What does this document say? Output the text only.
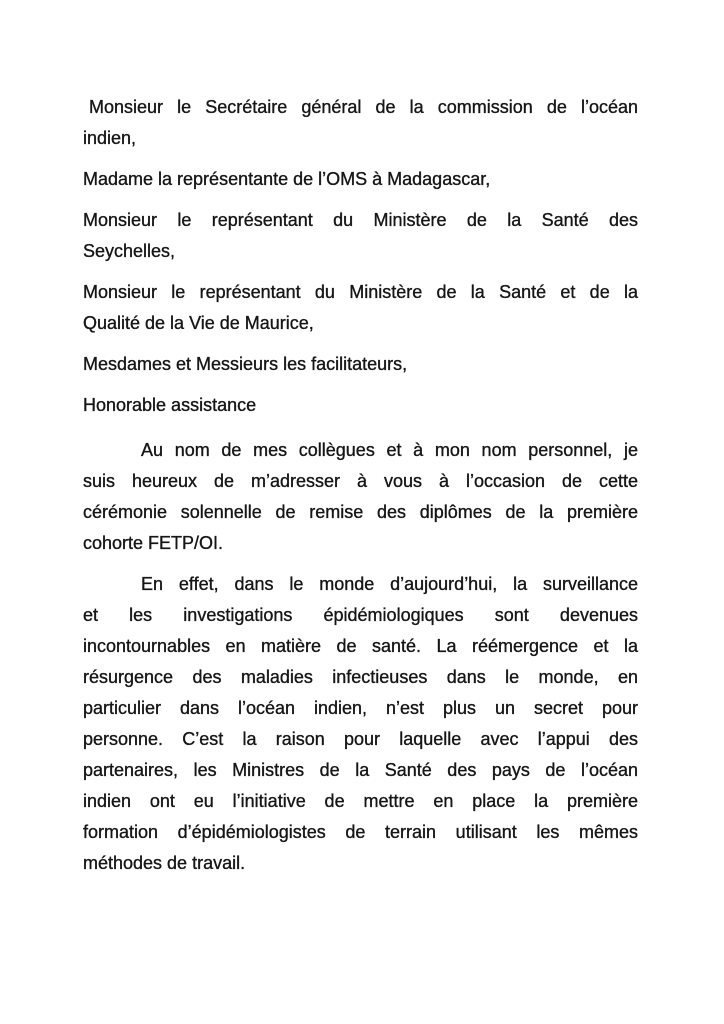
Monsieur le Secrétaire général de la commission de l’océan
indien,
Madame la représentante de l’OMS à Madagascar,
Monsieur le représentant du Ministère de la Santé des
Seychelles,
Monsieur le représentant du Ministère de la Santé et de la
Qualité de la Vie de Maurice,
Mesdames et Messieurs les facilitateurs,
Honorable assistance
Au nom de mes collègues et à mon nom personnel, je
suis heureux de m’adresser à vous à l’occasion de cette
cérémonie solennelle de remise des diplômes de la première
cohorte FETP/OI.
En effet, dans le monde d’aujourd’hui, la surveillance
et les investigations épidémiologiques sont devenues
incontournables en matière de santé. La réémergence et la
résurgence des maladies infectieuses dans le monde, en
particulier dans l’océan indien, n’est plus un secret pour
personne. C’est la raison pour laquelle avec l’appui des
partenaires, les Ministres de la Santé des pays de l’océan
indien ont eu l’initiative de mettre en place la première
formation d’épidémiologistes de terrain utilisant les mêmes
méthodes de travail.
